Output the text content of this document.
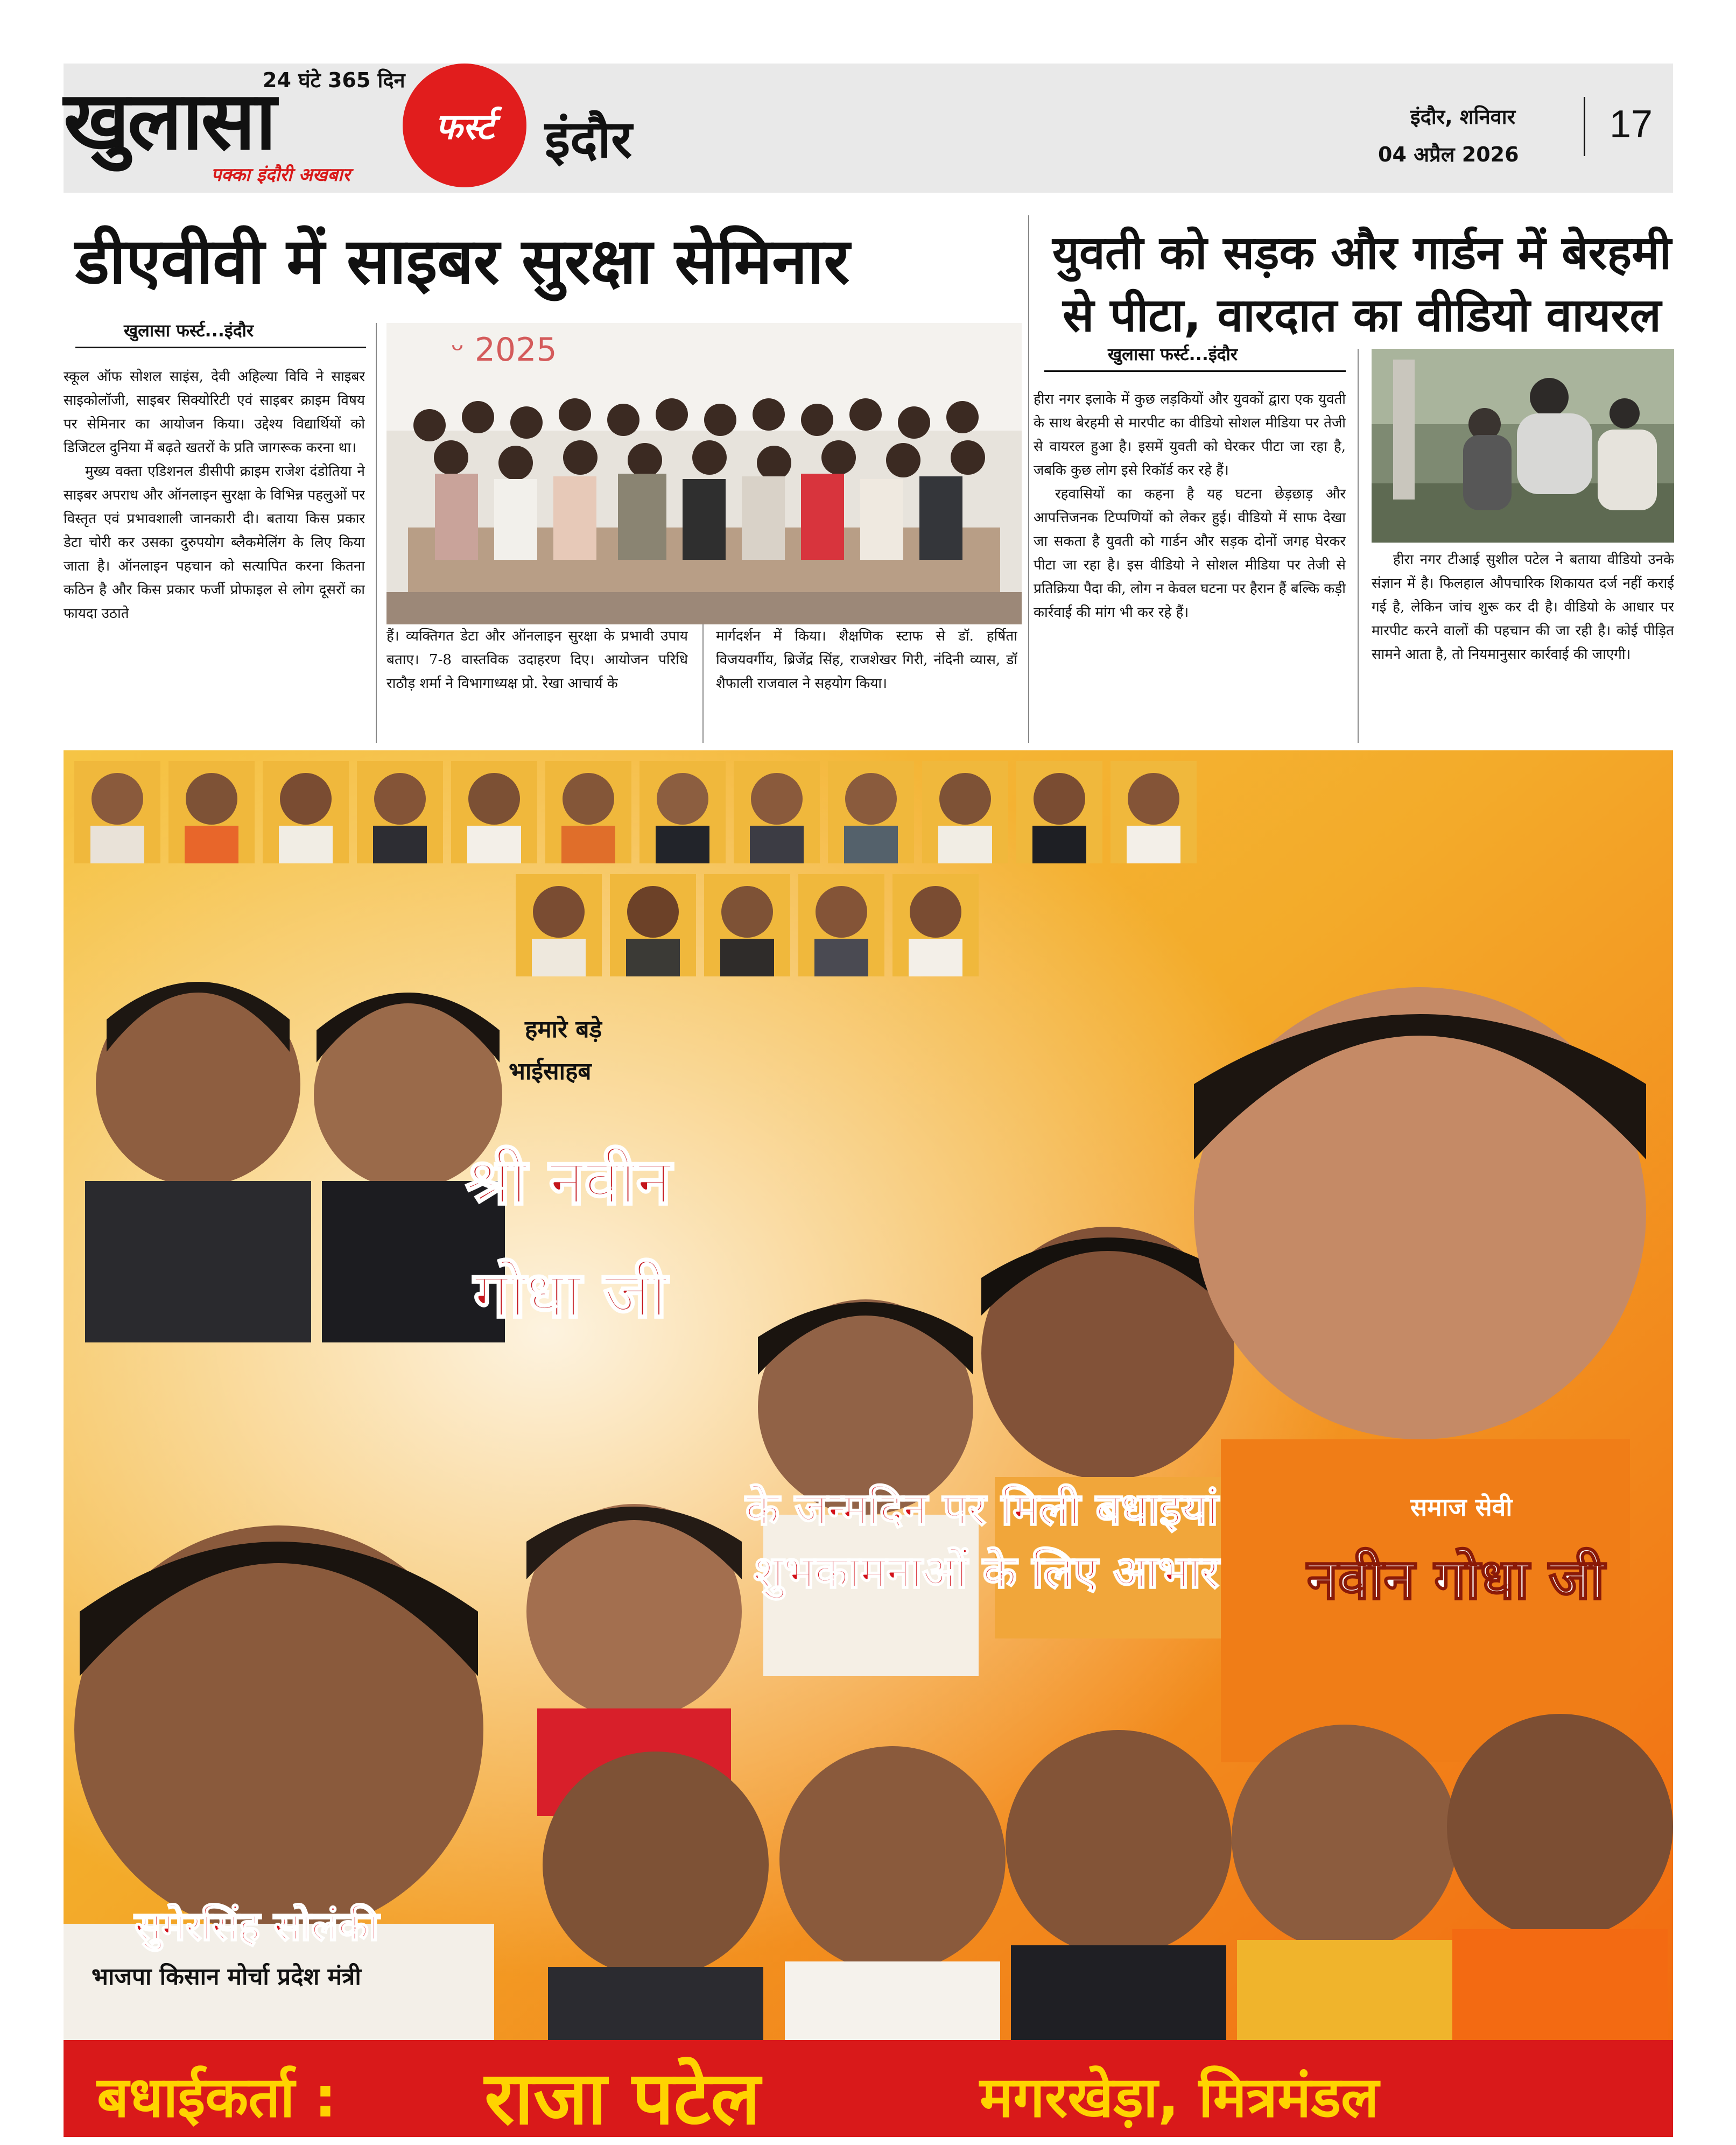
24 घंटे 365 दिन
खुलासा	फर्स्ट
पक्का इंदौरी अखबार
इंदौर	इंदौर, शनिवार
04 अप्रैल 2026
17
डीएवीवी में साइबर सुरक्षा सेमिनार
खुलासा फर्स्ट...इंदौर

स्कूल ऑफ सोशल साइंस, देवी अहिल्या विवि ने साइबर साइकोलॉजी, साइबर सिक्योरिटी एवं साइबर क्राइम विषय पर सेमिनार का आयोजन किया। उद्देश्य विद्यार्थियों को डिजिटल दुनिया में बढ़ते खतरों के प्रति जागरूक करना था।

मुख्य वक्ता एडिशनल डीसीपी क्राइम राजेश दंडोतिया ने साइबर अपराध और ऑनलाइन सुरक्षा के विभिन्न पहलुओं पर विस्तृत एवं प्रभावशाली जानकारी दी। बताया किस प्रकार डेटा चोरी कर उसका दुरुपयोग ब्लैकमेलिंग के लिए किया जाता है। ऑनलाइन पहचान को सत्यापित करना कितना कठिन है और किस प्रकार फर्जी प्रोफाइल से लोग दूसरों का फायदा उठाते

ᵕ 2025
हैं। व्यक्तिगत डेटा और ऑनलाइन सुरक्षा के प्रभावी उपाय बताए। 7-8 वास्तविक उदाहरण दिए। आयोजन परिधि राठौड़ शर्मा ने विभागाध्यक्ष प्रो. रेखा आचार्य के
मार्गदर्शन में किया। शैक्षणिक स्टाफ से डॉ. हर्षिता विजयवर्गीय, ब्रिजेंद्र सिंह, राजशेखर गिरी, नंदिनी व्यास, डॉ शैफाली राजवाल ने सहयोग किया।
युवती को सड़क और गार्डन में बेरहमी
से पीटा, वारदात का वीडियो वायरल
खुलासा फर्स्ट...इंदौर

हीरा नगर इलाके में कुछ लड़कियों और युवकों द्वारा एक युवती के साथ बेरहमी से मारपीट का वीडियो सोशल मीडिया पर तेजी से वायरल हुआ है। इसमें युवती को घेरकर पीटा जा रहा है, जबकि कुछ लोग इसे रिकॉर्ड कर रहे हैं।

रहवासियों का कहना है यह घटना छेड़छाड़ और आपत्तिजनक टिप्पणियों को लेकर हुई। वीडियो में साफ देखा जा सकता है युवती को गार्डन और सड़क दोनों जगह घेरकर पीटा जा रहा है। इस वीडियो ने सोशल मीडिया पर तेजी से प्रतिक्रिया पैदा की, लोग न केवल घटना पर हैरान हैं बल्कि कड़ी कार्रवाई की मांग भी कर रहे हैं।

हीरा नगर टीआई सुशील पटेल ने बताया वीडियो उनके संज्ञान में है। फिलहाल औपचारिक शिकायत दर्ज नहीं कराई गई है, लेकिन जांच शुरू कर दी है। वीडियो के आधार पर मारपीट करने वालों की पहचान की जा रही है। कोई पीड़ित सामने आता है, तो नियमानुसार कार्रवाई की जाएगी।
हमारे बड़े
भाईसाहब
श्री नवीन
गोधा जी
के जन्मदिन पर मिली बधाइयां
शुभकामनाओं के लिए आभार
समाज सेवी
नवीन गोधा जी
सुमेरसिंह सोलंकी
भाजपा किसान मोर्चा प्रदेश मंत्री
बधाईकर्ता : राजा पटेल	मगरखेड़ा, मित्रमंडल
